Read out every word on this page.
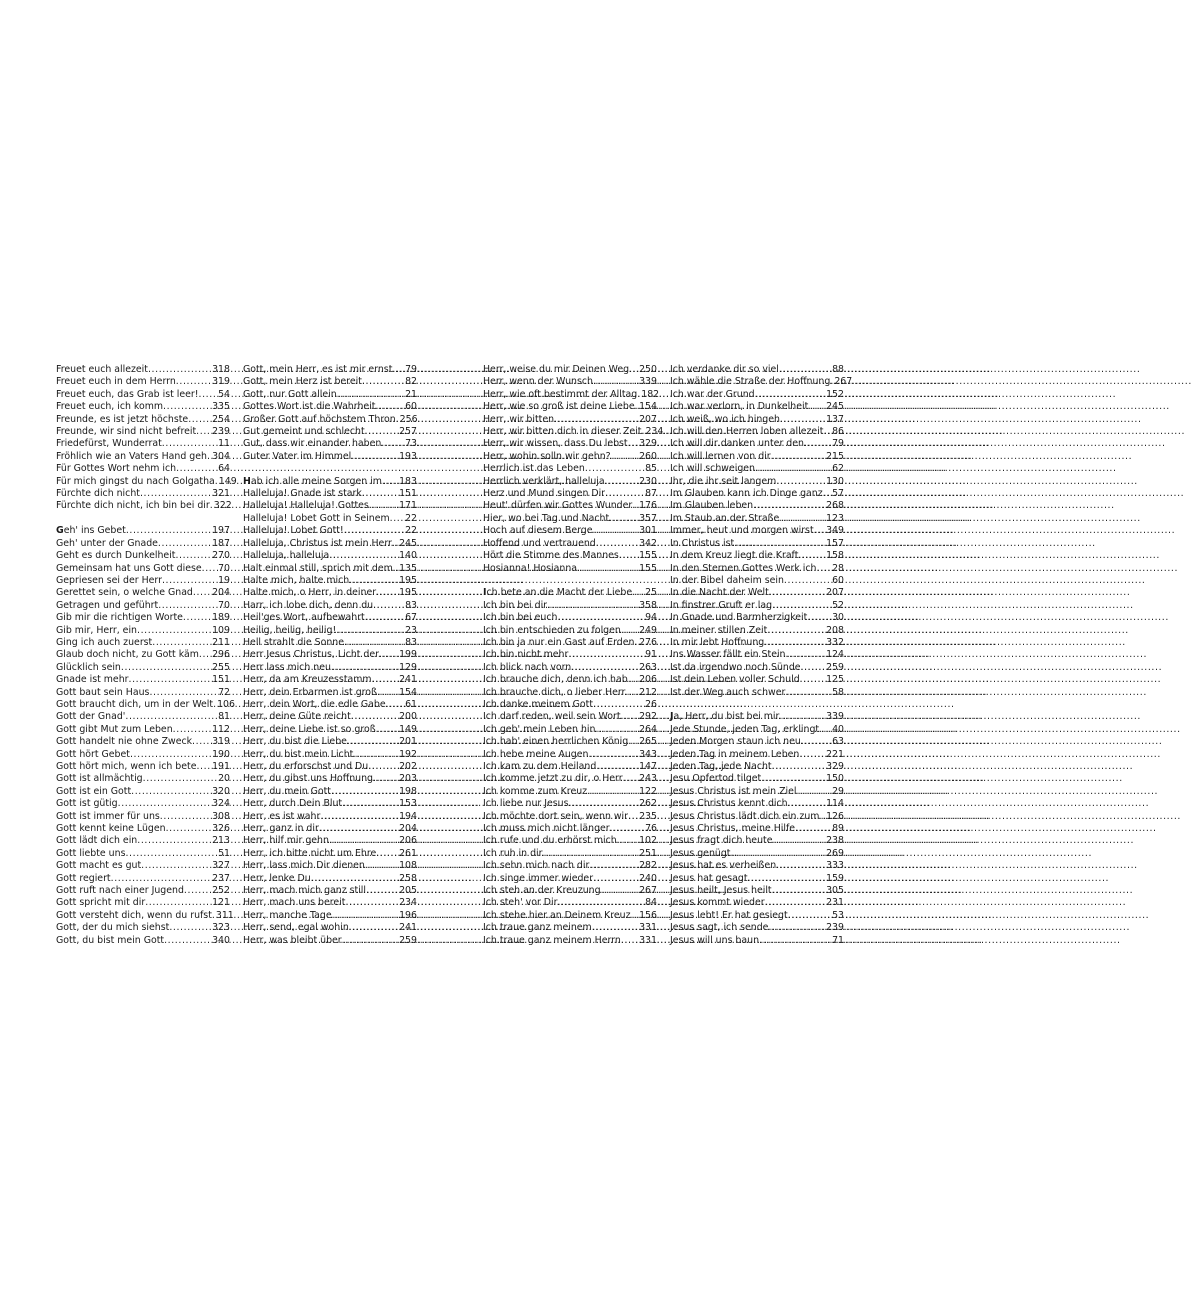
Freuet euch allezeit .....	318
Freuet euch in dem Herrn .....	319
Freuet euch, das Grab ist leer! ..... 54
Freuet euch, ich komm .....	335
Freunde, es ist jetzt höchste .....	254
Freunde, wir sind nicht befreit ..... 239
Friedefürst, Wunderrat .....	11
Fröhlich wie an Vaters Hand geh ..... 304
Für Gottes Wort nehm ich .....	64
Für mich gingst du nach Golgatha ..... 149
Fürchte dich nicht .....	321
Fürchte dich nicht, ich bin bei dir ..... 322
Geh' ins Gebet .....	197
Geh' unter der Gnade .....	187
Geht es durch Dunkelheit .....	270
Gemeinsam hat uns Gott diese ..... 70
Gepriesen sei der Herr .....	19
Gerettet sein, o welche Gnad ..... 204
Getragen und geführt .....	70
Gib mir die richtigen Worte .....	189
Gib mir, Herr, ein .....	109
Ging ich auch zuerst .....	211
Glaub doch nicht, zu Gott käm ..... 296
Glücklich sein .....	255
Gnade ist mehr .....	151
Gott baut sein Haus .....	72
Gott braucht dich, um in der Welt ..... 106
Gott der Gnad' .....	81
Gott gibt Mut zum Leben .....	112
Gott handelt nie ohne Zweck ..... 319
Gott hört Gebet .....	190
Gott hört mich, wenn ich bete ..... 191
Gott ist allmächtig .....	20
Gott ist ein Gott .....	320
Gott ist gütig .....	324
Gott ist immer für uns .....	308
Gott kennt keine Lügen .....	326
Gott lädt dich ein .....	213
Gott liebte uns .....	51
Gott macht es gut .....	327
Gott regiert .....	237
Gott ruft nach einer Jugend .....	252
Gott spricht mit dir .....	121
Gott versteht dich, wenn du rufst ..... 311
Gott, der du mich siehst .....	323
Gott, du bist mein Gott .....	340
Gott, mein Herr, es ist mir ernst ..... 79
Gott, mein Herz ist bereit .....	82
Gott, nur Gott allein .....	21
Gottes Wort ist die Wahrheit .....	60
Großer Gott auf höchstem Thron ..... 256
Gut gemeint und schlecht .....	257
Gut, dass wir einander haben .....	73
Guter Vater im Himmel .....	193
Hab ich alle meine Sorgen im ..... 183
Halleluja! Gnade ist stark .....	151
Halleluja! Halleluja! Gottes .....	171
Halleluja! Lobet Gott in Seinem ..... 22
Halleluja! Lobet Gott! .....	22
Halleluja, Christus ist mein Herr ..... 245
Halleluja, halleluja .....	140
Halt einmal still, sprich mit dem ..... 135
Halte mich, halte mich .....	195
Halte mich, o Herr, in deiner ..... 195
Harr, ich lobe dich, denn du .....	83
Heil'ges Wort, aufbewahrt .....	67
Heilig, heilig, heilig! .....	23
Hell strahlt die Sonne .....	83
Herr Jesus Christus, Licht der ..... 199
Herr lass mich neu .....	129
Herr, da am Kreuzesstamm .....	241
Herr, dein Erbarmen ist groß ..... 154
Herr, dein Wort, die edle Gabe ..... 61
Herr, deine Güte reicht .....	200
Herr, deine Liebe ist so groß ..... 149
Herr, du bist die Liebe .....	201
Herr, du bist mein Licht .....	192
Herr, du erforschst und Du .....	202
Herr, du gibst uns Hoffnung .....	203
Herr, du mein Gott .....	198
Herr, durch Dein Blut .....	153
Herr, es ist wahr .....	194
Herr, ganz in dir .....	204
Herr, hilf mir gehn .....	206
Herr, ich bitte nicht um Ehre ..... 261
Herr, lass mich Dir dienen .....	108
Herr, lenke Du .....	258
Herr, mach mich ganz still .....	205
Herr, mach uns bereit .....	234
Herr, manche Tage .....	196
Herr, send, egal wohin .....	241
Herr, was bleibt über .....	259
Herr, weise du mir Deinen Weg ..... 250
Herr, wenn der Wunsch .....	339
Herr, wie oft bestimmt der Alltag ..... 182
Herr, wie so groß ist deine Liebe ..... 154
Herr, wir bitten .....	207
Herr, wir bitten dich in dieser Zeit ..... 234
Herr, wir wissen, dass Du lebst ..... 329
Herr, wohin solln wir gehn? .....	260
Herrlich ist das Leben .....	85
Herrlich verklärt, halleluja .....	230
Herz und Mund singen Dir .....	87
Heut' dürfen wir Gottes Wunder ..... 176
Hier, wo bei Tag und Nacht .....	357
Hoch auf diesem Berge .....	301
Hoffend und vertrauend .....	342
Hört die Stimme des Mannes ..... 155
Hosianna! Hosianna .....	155
Ich bete an die Macht der Liebe ..... 25
Ich bin bei dir .....	358
Ich bin bei euch .....	94
Ich bin entschieden zu folgen ..... 249
Ich bin ja nur ein Gast auf Erden ..... 276
Ich bin nicht mehr .....	91
Ich blick nach vorn .....	263
Ich brauche dich, denn ich hab ..... 206
Ich brauche dich, o lieber Herr ..... 212
Ich danke meinem Gott .....	26
Ich darf reden, weil sein Wort ..... 292
Ich geb' mein Leben hin .....	264
Ich hab' einen herrlichen König ..... 265
Ich hebe meine Augen .....	343
Ich kam zu dem Heiland .....	147
Ich komme jetzt zu dir, o Herr ..... 243
Ich komme zum Kreuz .....	122
Ich liebe nur Jesus .....	262
Ich möchte dort sein, wenn wir ..... 235
Ich muss mich nicht länger .....	76
Ich rufe und du erhörst mich ..... 102
Ich ruh in dir .....	251
Ich sehn mich nach dir .....	282
Ich singe immer wieder .....	240
Ich steh an der Kreuzung .....	267
Ich steh' vor Dir .....	84
Ich stehe hier an Deinem Kreuz ..... 156
Ich traue ganz meinem .....	331
Ich traue ganz meinem Herrn ..... 331
Ich verdanke dir so viel .....	88
Ich wähle die Straße der Hoffnung ..... 267
Ich war der Grund .....	152
Ich war verlorn, in Dunkelheit ..... 245
Ich weiß, wo ich hingeh .....	137
Ich will den Herren loben allezeit ..... 86
Ich will dir danken unter den .....	79
Ich will lernen von dir .....	215
Ich will schweigen .....	62
Ihr, die ihr seit langem .....	130
Im Glauben kann ich Dinge ganz ..... 57
Im Glauben leben .....	268
Im Staub an der Straße .....	123
Immer, heut und morgen wirst ..... 349
In Christus ist .....	157
In dem Kreuz liegt die Kraft .....	158
In den Sternen Gottes Werk ich ..... 28
In der Bibel daheim sein .....	60
In die Nacht der Welt .....	207
In finstrer Gruft er lag .....	52
In Gnade und Barmherzigkeit .....	30
In meiner stillen Zeit .....	208
In mir lebt Hoffnung .....	332
Ins Wasser fällt ein Stein .....	124
Ist da irgendwo noch Sünde .....	259
Ist dein Leben voller Schuld .....	125
Ist der Weg auch schwer .....	58
Ja, Herr, du bist bei mir .....	339
Jede Stunde, jeden Tag, erklingt ..... 40
Jeden Morgen staun ich neu .....	63
Jeden Tag in meinem Leben .....	221
Jeden Tag, jede Nacht .....	329
Jesu Opfertod tilget .....	150
Jesus Christus ist mein Ziel .....	29
Jesus Christus kennt dich .....	114
Jesus Christus lädt dich ein zum ..... 126
Jesus Christus, meine Hilfe .....	89
Jesus fragt dich heute .....	238
Jesus genügt .....	269
Jesus hat es verheißen .....	333
Jesus hat gesagt .....	159
Jesus heilt, Jesus heilt .....	305
Jesus kommt wieder .....	231
Jesus lebt! Er hat gesiegt .....	53
Jesus sagt, ich sende .....	239
Jesus will uns baun .....	71
